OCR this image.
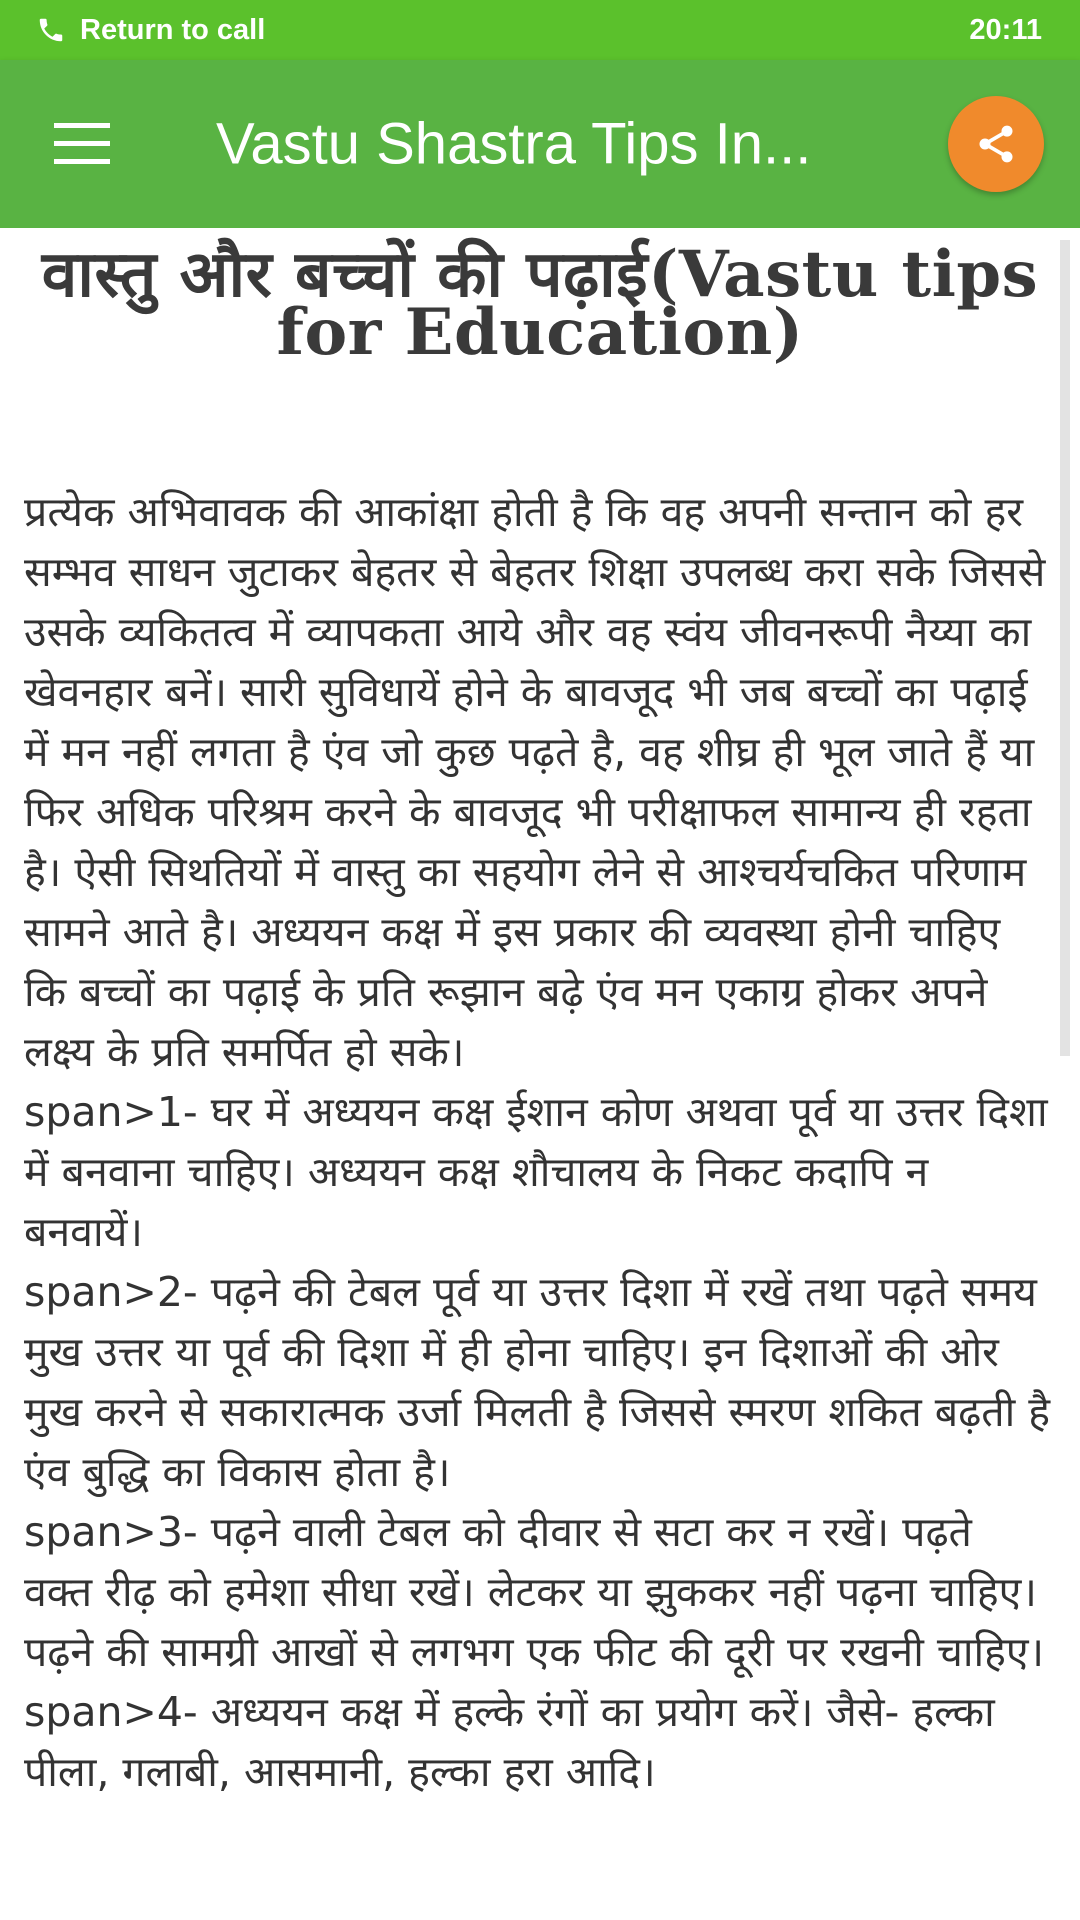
Return to call	20:11
Vastu Shastra Tips In...
वास्तु और बच्चों की पढ़ाई(Vastu tips for Education)

प्रत्येक अभिवावक की आकांक्षा होती है कि वह अपनी सन्तान को हर सम्भव साधन जुटाकर बेहतर से बेहतर शिक्षा उपलब्ध करा सके जिससे उसके व्यकितत्व में व्यापकता आये और वह स्वंय जीवनरूपी नैय्या का खेवनहार बनें। सारी सुविधायें होने के बावजूद भी जब बच्चों का पढ़ाई में मन नहीं लगता है एंव जो कुछ पढ़ते है, वह शीघ्र ही भूल जाते हैं या फिर अधिक परिश्रम करने के बावजूद भी परीक्षाफल सामान्य ही रहता है। ऐसी सिथतियों में वास्तु का सहयोग लेने से आश्चर्यचकित परिणाम सामने आते है। अध्ययन कक्ष में इस प्रकार की व्यवस्था होनी चाहिए कि बच्चों का पढ़ाई के प्रति रूझान बढ़े एंव मन एकाग्र होकर अपने लक्ष्य के प्रति समर्पित हो सके।

span>1- घर में अध्ययन कक्ष ईशान कोण अथवा पूर्व या उत्तर दिशा में बनवाना चाहिए। अध्ययन कक्ष शौचालय के निकट कदापि न बनवायें।

span>2- पढ़ने की टेबल पूर्व या उत्तर दिशा में रखें तथा पढ़ते समय मुख उत्तर या पूर्व की दिशा में ही होना चाहिए। इन दिशाओं की ओर मुख करने से सकारात्मक उर्जा मिलती है जिससे स्मरण शकित बढ़ती है एंव बुद्धि का विकास होता है।

span>3- पढ़ने वाली टेबल को दीवार से सटा कर न रखें। पढ़ते वक्त रीढ़ को हमेशा सीधा रखें। लेटकर या झुककर नहीं पढ़ना चाहिए। पढ़ने की सामग्री आखों से लगभग एक फीट की दूरी पर रखनी चाहिए।

span>4- अध्ययन कक्ष में हल्के रंगों का प्रयोग करें। जैसे- हल्का पीला, गलाबी, आसमानी, हल्का हरा आदि।
